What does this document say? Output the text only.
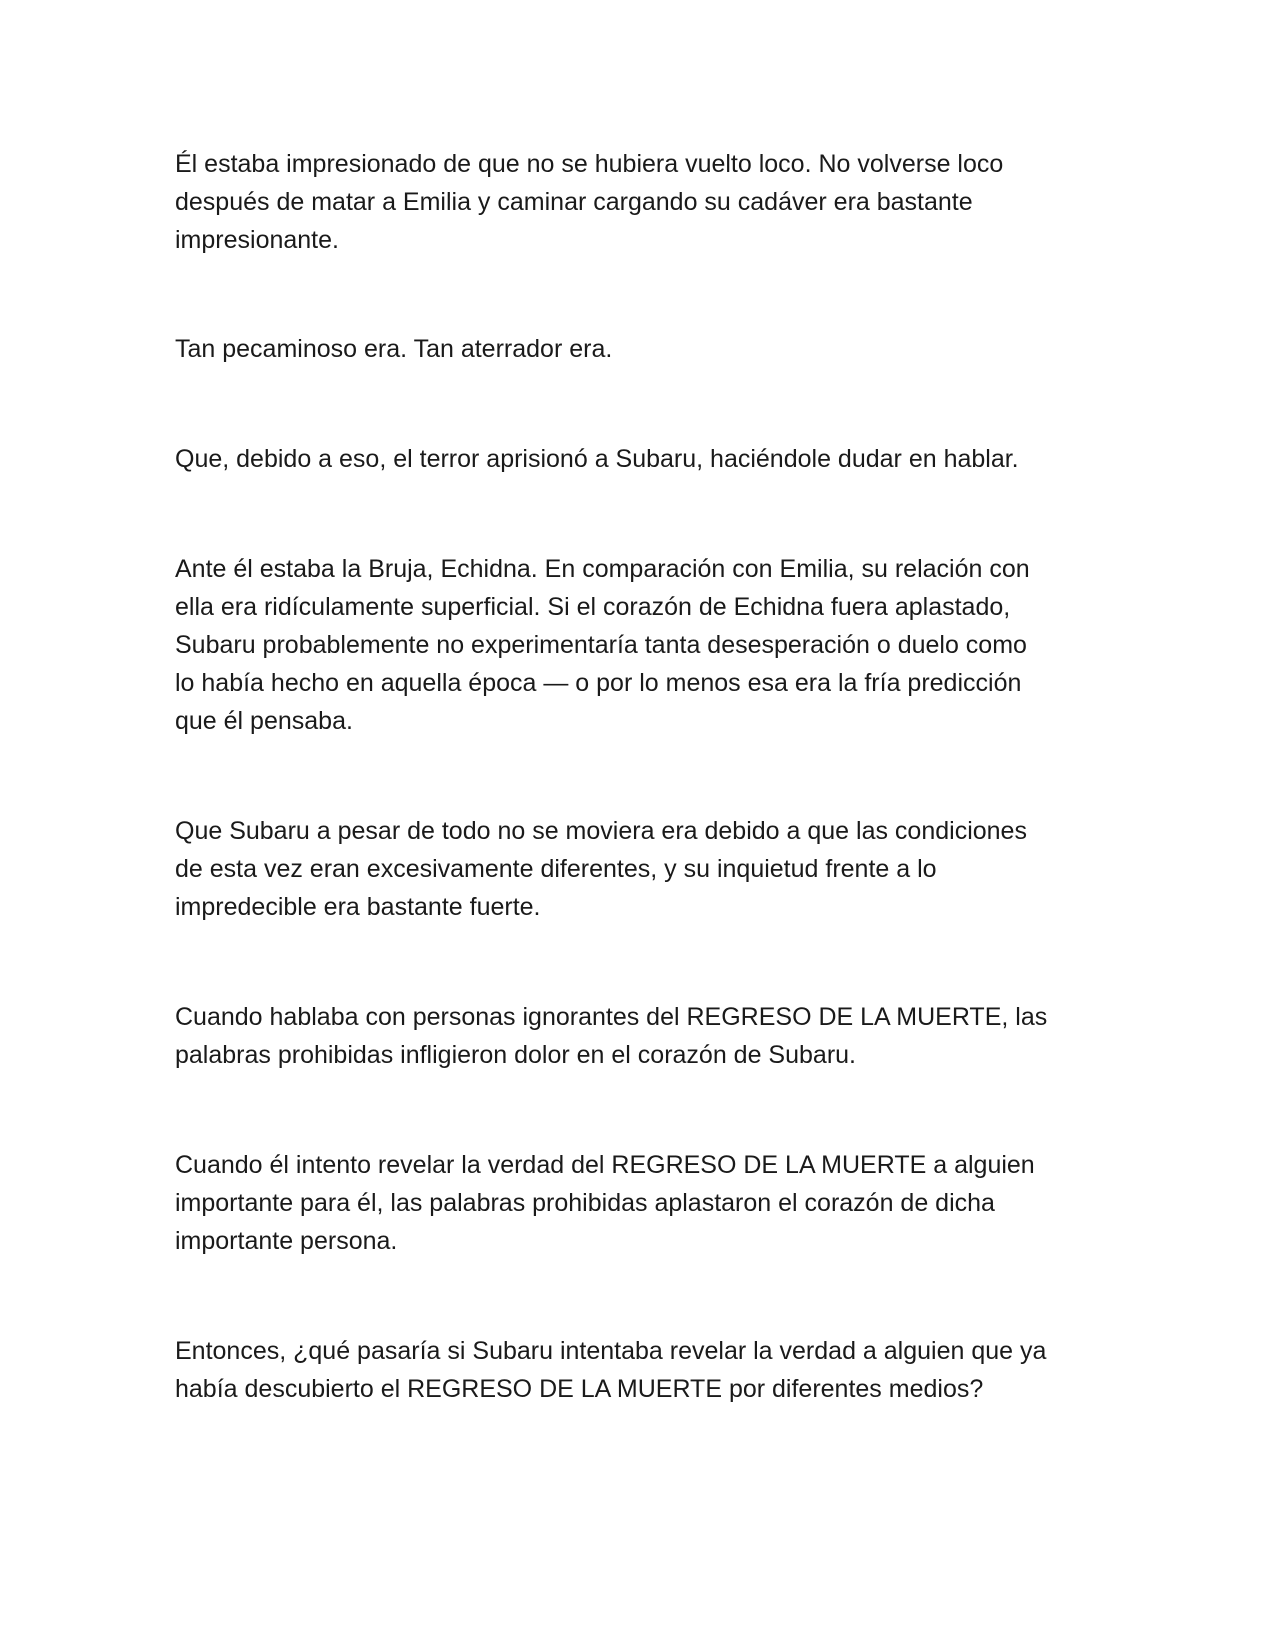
Él estaba impresionado de que no se hubiera vuelto loco. No volverse loco
después de matar a Emilia y caminar cargando su cadáver era bastante
impresionante.

Tan pecaminoso era. Tan aterrador era.

Que, debido a eso, el terror aprisionó a Subaru, haciéndole dudar en hablar.

Ante él estaba la Bruja, Echidna. En comparación con Emilia, su relación con
ella era ridículamente superficial. Si el corazón de Echidna fuera aplastado,
Subaru probablemente no experimentaría tanta desesperación o duelo como
lo había hecho en aquella época — o por lo menos esa era la fría predicción
que él pensaba.

Que Subaru a pesar de todo no se moviera era debido a que las condiciones
de esta vez eran excesivamente diferentes, y su inquietud frente a lo
impredecible era bastante fuerte.

Cuando hablaba con personas ignorantes del REGRESO DE LA MUERTE, las
palabras prohibidas infligieron dolor en el corazón de Subaru.

Cuando él intento revelar la verdad del REGRESO DE LA MUERTE a alguien
importante para él, las palabras prohibidas aplastaron el corazón de dicha
importante persona.

Entonces, ¿qué pasaría si Subaru intentaba revelar la verdad a alguien que ya
había descubierto el REGRESO DE LA MUERTE por diferentes medios?
